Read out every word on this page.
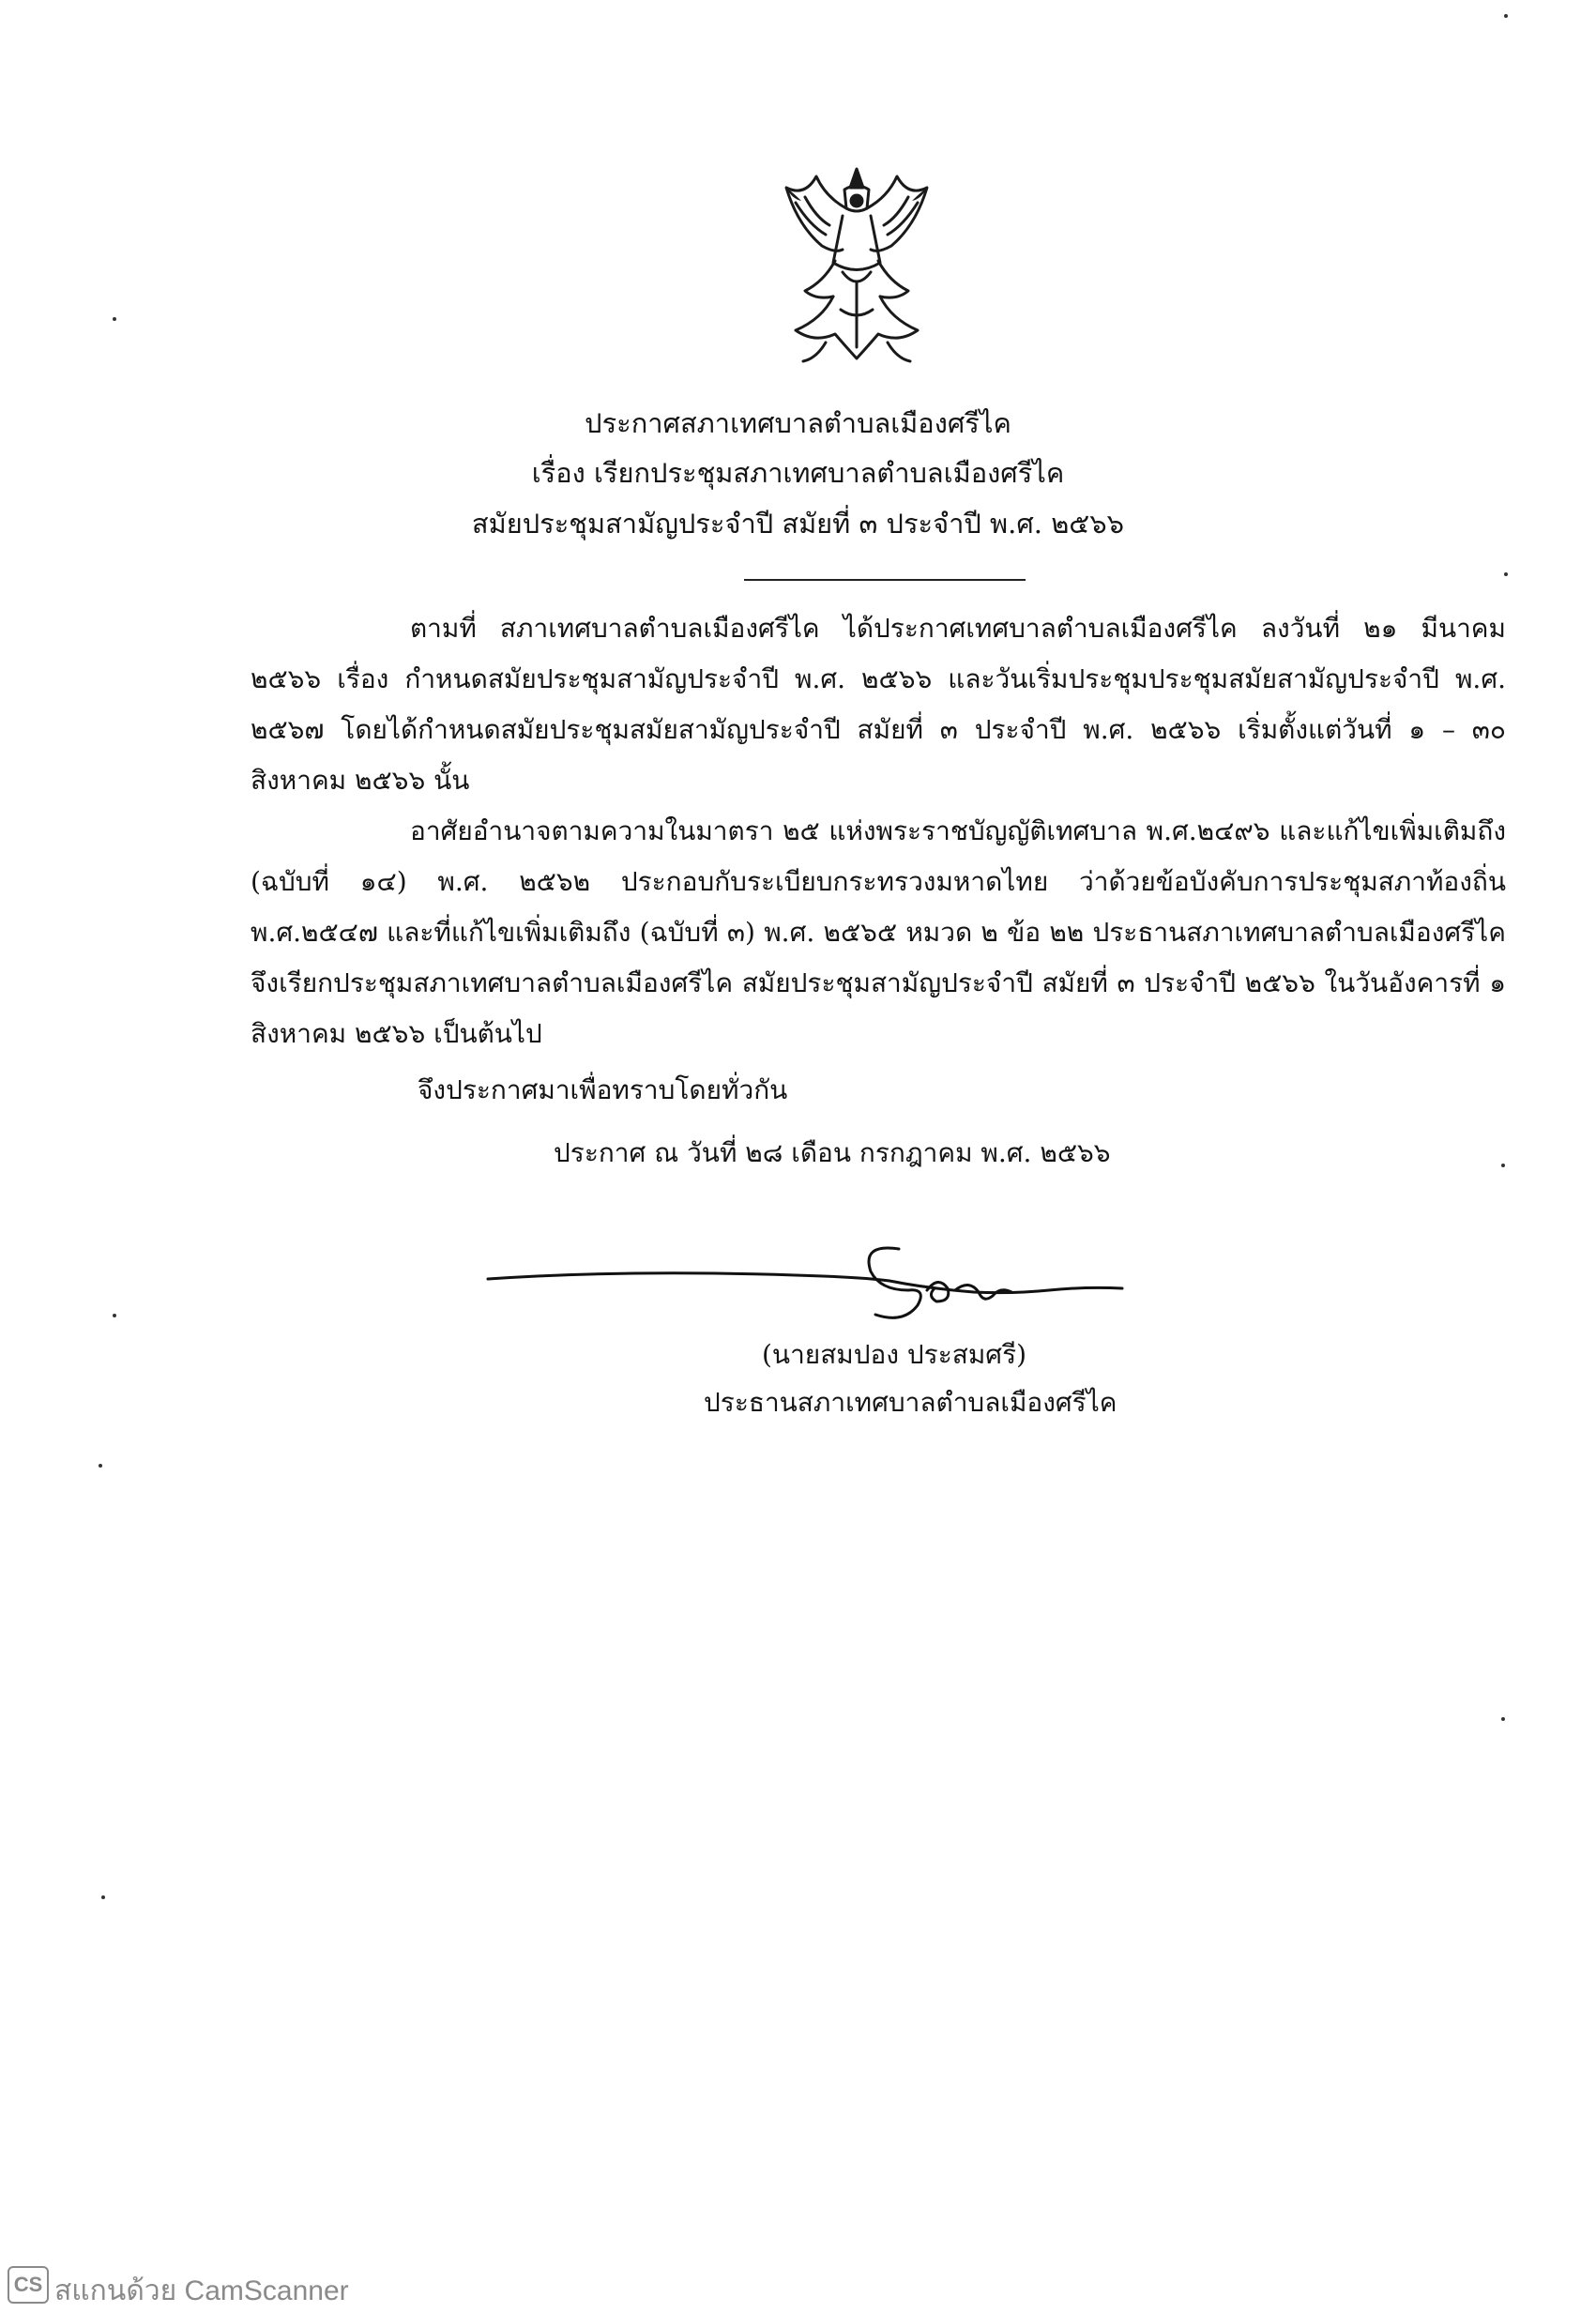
ประกาศสภาเทศบาลตำบลเมืองศรีไค
เรื่อง เรียกประชุมสภาเทศบาลตำบลเมืองศรีไค
สมัยประชุมสามัญประจำปี สมัยที่ ๓ ประจำปี พ.ศ. ๒๕๖๖

ตามที่ สภาเทศบาลตำบลเมืองศรีไค ได้ประกาศเทศบาลตำบลเมืองศรีไค ลงวันที่ ๒๑ มีนาคม ๒๕๖๖ เรื่อง กำหนดสมัยประชุมสามัญประจำปี พ.ศ. ๒๕๖๖ และวันเริ่มประชุมประชุมสมัยสามัญประจำปี พ.ศ. ๒๕๖๗ โดยได้กำหนดสมัยประชุมสมัยสามัญประจำปี สมัยที่ ๓ ประจำปี พ.ศ. ๒๕๖๖ เริ่มตั้งแต่วันที่ ๑ – ๓๐ สิงหาคม ๒๕๖๖ นั้น

อาศัยอำนาจตามความในมาตรา ๒๕ แห่งพระราชบัญญัติเทศบาล พ.ศ.๒๔๙๖ และแก้ไขเพิ่มเติมถึง (ฉบับที่ ๑๔) พ.ศ. ๒๕๖๒ ประกอบกับระเบียบกระทรวงมหาดไทย ว่าด้วยข้อบังคับการประชุมสภาท้องถิ่น พ.ศ.๒๕๔๗ และที่แก้ไขเพิ่มเติมถึง (ฉบับที่ ๓) พ.ศ. ๒๕๖๕ หมวด ๒ ข้อ ๒๒ ประธานสภาเทศบาลตำบลเมืองศรีไค จึงเรียกประชุมสภาเทศบาลตำบลเมืองศรีไค สมัยประชุมสามัญประจำปี สมัยที่ ๓ ประจำปี ๒๕๖๖ ในวันอังคารที่ ๑ สิงหาคม ๒๕๖๖ เป็นต้นไป

จึงประกาศมาเพื่อทราบโดยทั่วกัน
ประกาศ ณ วันที่ ๒๘ เดือน กรกฎาคม พ.ศ. ๒๕๖๖
(นายสมปอง ประสมศรี)
ประธานสภาเทศบาลตำบลเมืองศรีไค
CS สแกนด้วย CamScanner
